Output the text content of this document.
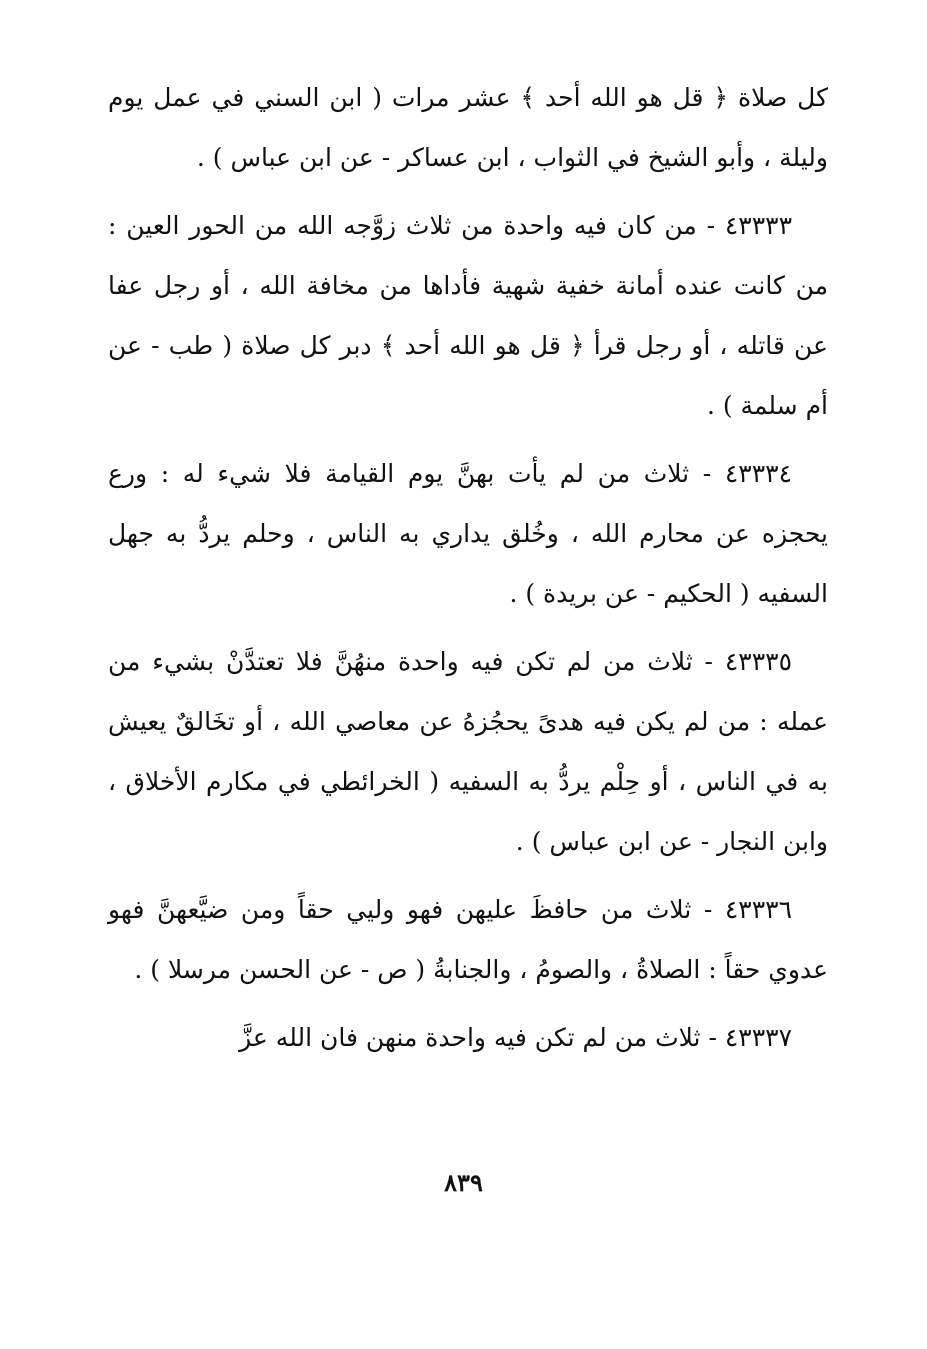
كل صلاة ﴿ قل هو الله أحد ﴾ عشر مرات ( ابن السني في عمل يوم وليلة ، وأبو الشيخ في الثواب ، ابن عساكر - عن ابن عباس ) .

٤٣٣٣٣ - من كان فيه واحدة من ثلاث زوَّجه الله من الحور العين : من كانت عنده أمانة خفية شهية فأداها من مخافة الله ، أو رجل عفا عن قاتله ، أو رجل قرأ ﴿ قل هو الله أحد ﴾ دبر كل صلاة ( طب - عن أم سلمة ) .

٤٣٣٣٤ - ثلاث من لم يأت بهنَّ يوم القيامة فلا شيء له : ورع يحجزه عن محارم الله ، وخُلق يداري به الناس ، وحلم يردُّ به جهل السفيه ( الحكيم - عن بريدة ) .

٤٣٣٣٥ - ثلاث من لم تكن فيه واحدة منهُنَّ فلا تعتدَّنْ بشيء من عمله : من لم يكن فيه هدىً يحجُزهُ عن معاصي الله ، أو تخَالقٌ يعيش به في الناس ، أو حِلْم يردُّ به السفيه ( الخرائطي في مكارم الأخلاق ، وابن النجار - عن ابن عباس ) .

٤٣٣٣٦ - ثلاث من حافظَ عليهن فهو وليي حقاً ومن ضيَّعهنَّ فهو عدوي حقاً : الصلاةُ ، والصومُ ، والجنابةُ ( ص - عن الحسن مرسلا ) .

٤٣٣٣٧ - ثلاث من لم تكن فيه واحدة منهن فان الله عزَّ

٨٣٩
